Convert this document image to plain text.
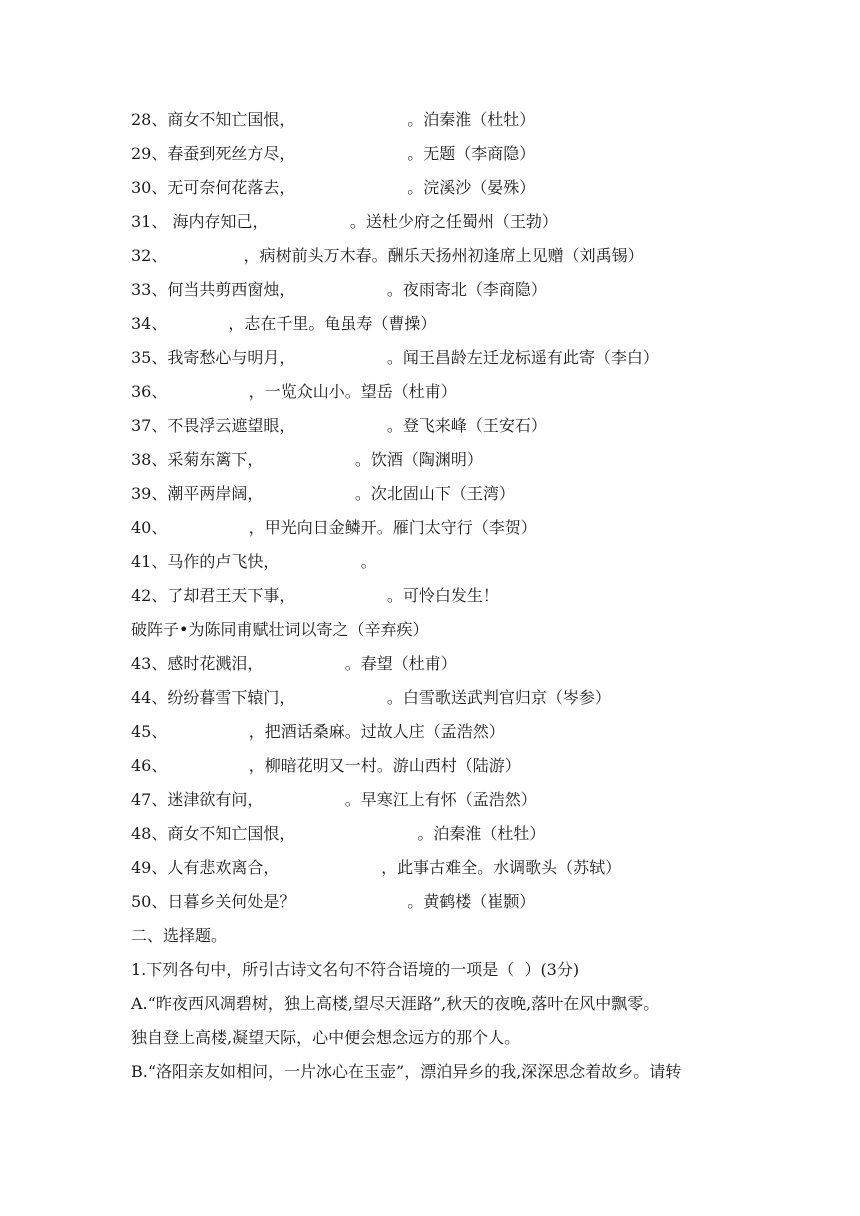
28、商女不知亡国恨，                      。泊秦淮（杜牡）
29、春蚕到死丝方尽，                      。无题（李商隐）
30、无可奈何花落去，                      。浣溪沙（晏殊）
31、 海内存知己，                。送杜少府之任蜀州（王勃）
32、               ，病树前头万木春。酬乐天扬州初逢席上见赠（刘禹锡）
33、何当共剪西窗烛，                  。夜雨寄北（李商隐）
34、            ，志在千里。龟虽寿（曹操）
35、我寄愁心与明月，                  。闻王昌龄左迁龙标遥有此寄（李白）
36、                ，一览众山小。望岳（杜甫）
37、不畏浮云遮望眼，                  。登飞来峰（王安石）
38、采菊东篱下，                  。饮酒（陶渊明）
39、潮平两岸阔，                  。次北固山下（王湾）
40、                ，甲光向日金鳞开。雁门太守行（李贺）
41、马作的卢飞快，                。
42、了却君王天下事，                  。可怜白发生！
破阵子•为陈同甫赋壮词以寄之（辛弃疾）
43、感时花溅泪，                。春望（杜甫）
44、纷纷暮雪下辕门，                  。白雪歌送武判官归京（岑参）
45、                ，把酒话桑麻。过故人庄（孟浩然）
46、                ，柳暗花明又一村。游山西村（陆游）
47、迷津欲有问，                。早寒江上有怀（孟浩然）
48、商女不知亡国恨，                        。泊秦淮（杜牡）
49、人有悲欢离合，                    ，此事古难全。水调歌头（苏轼）
50、日暮乡关何处是？                      。黄鹤楼（崔颢）
二、选择题。
1.下列各句中，所引古诗文名句不符合语境的一项是（  ）(3分)
A.“昨夜西风凋碧树，独上高楼,望尽天涯路”,秋天的夜晚,落叶在风中飘零。
独自登上高楼,凝望天际，心中便会想念远方的那个人。
B.“洛阳亲友如相问，一片冰心在玉壶”，漂泊异乡的我,深深思念着故乡。请转
